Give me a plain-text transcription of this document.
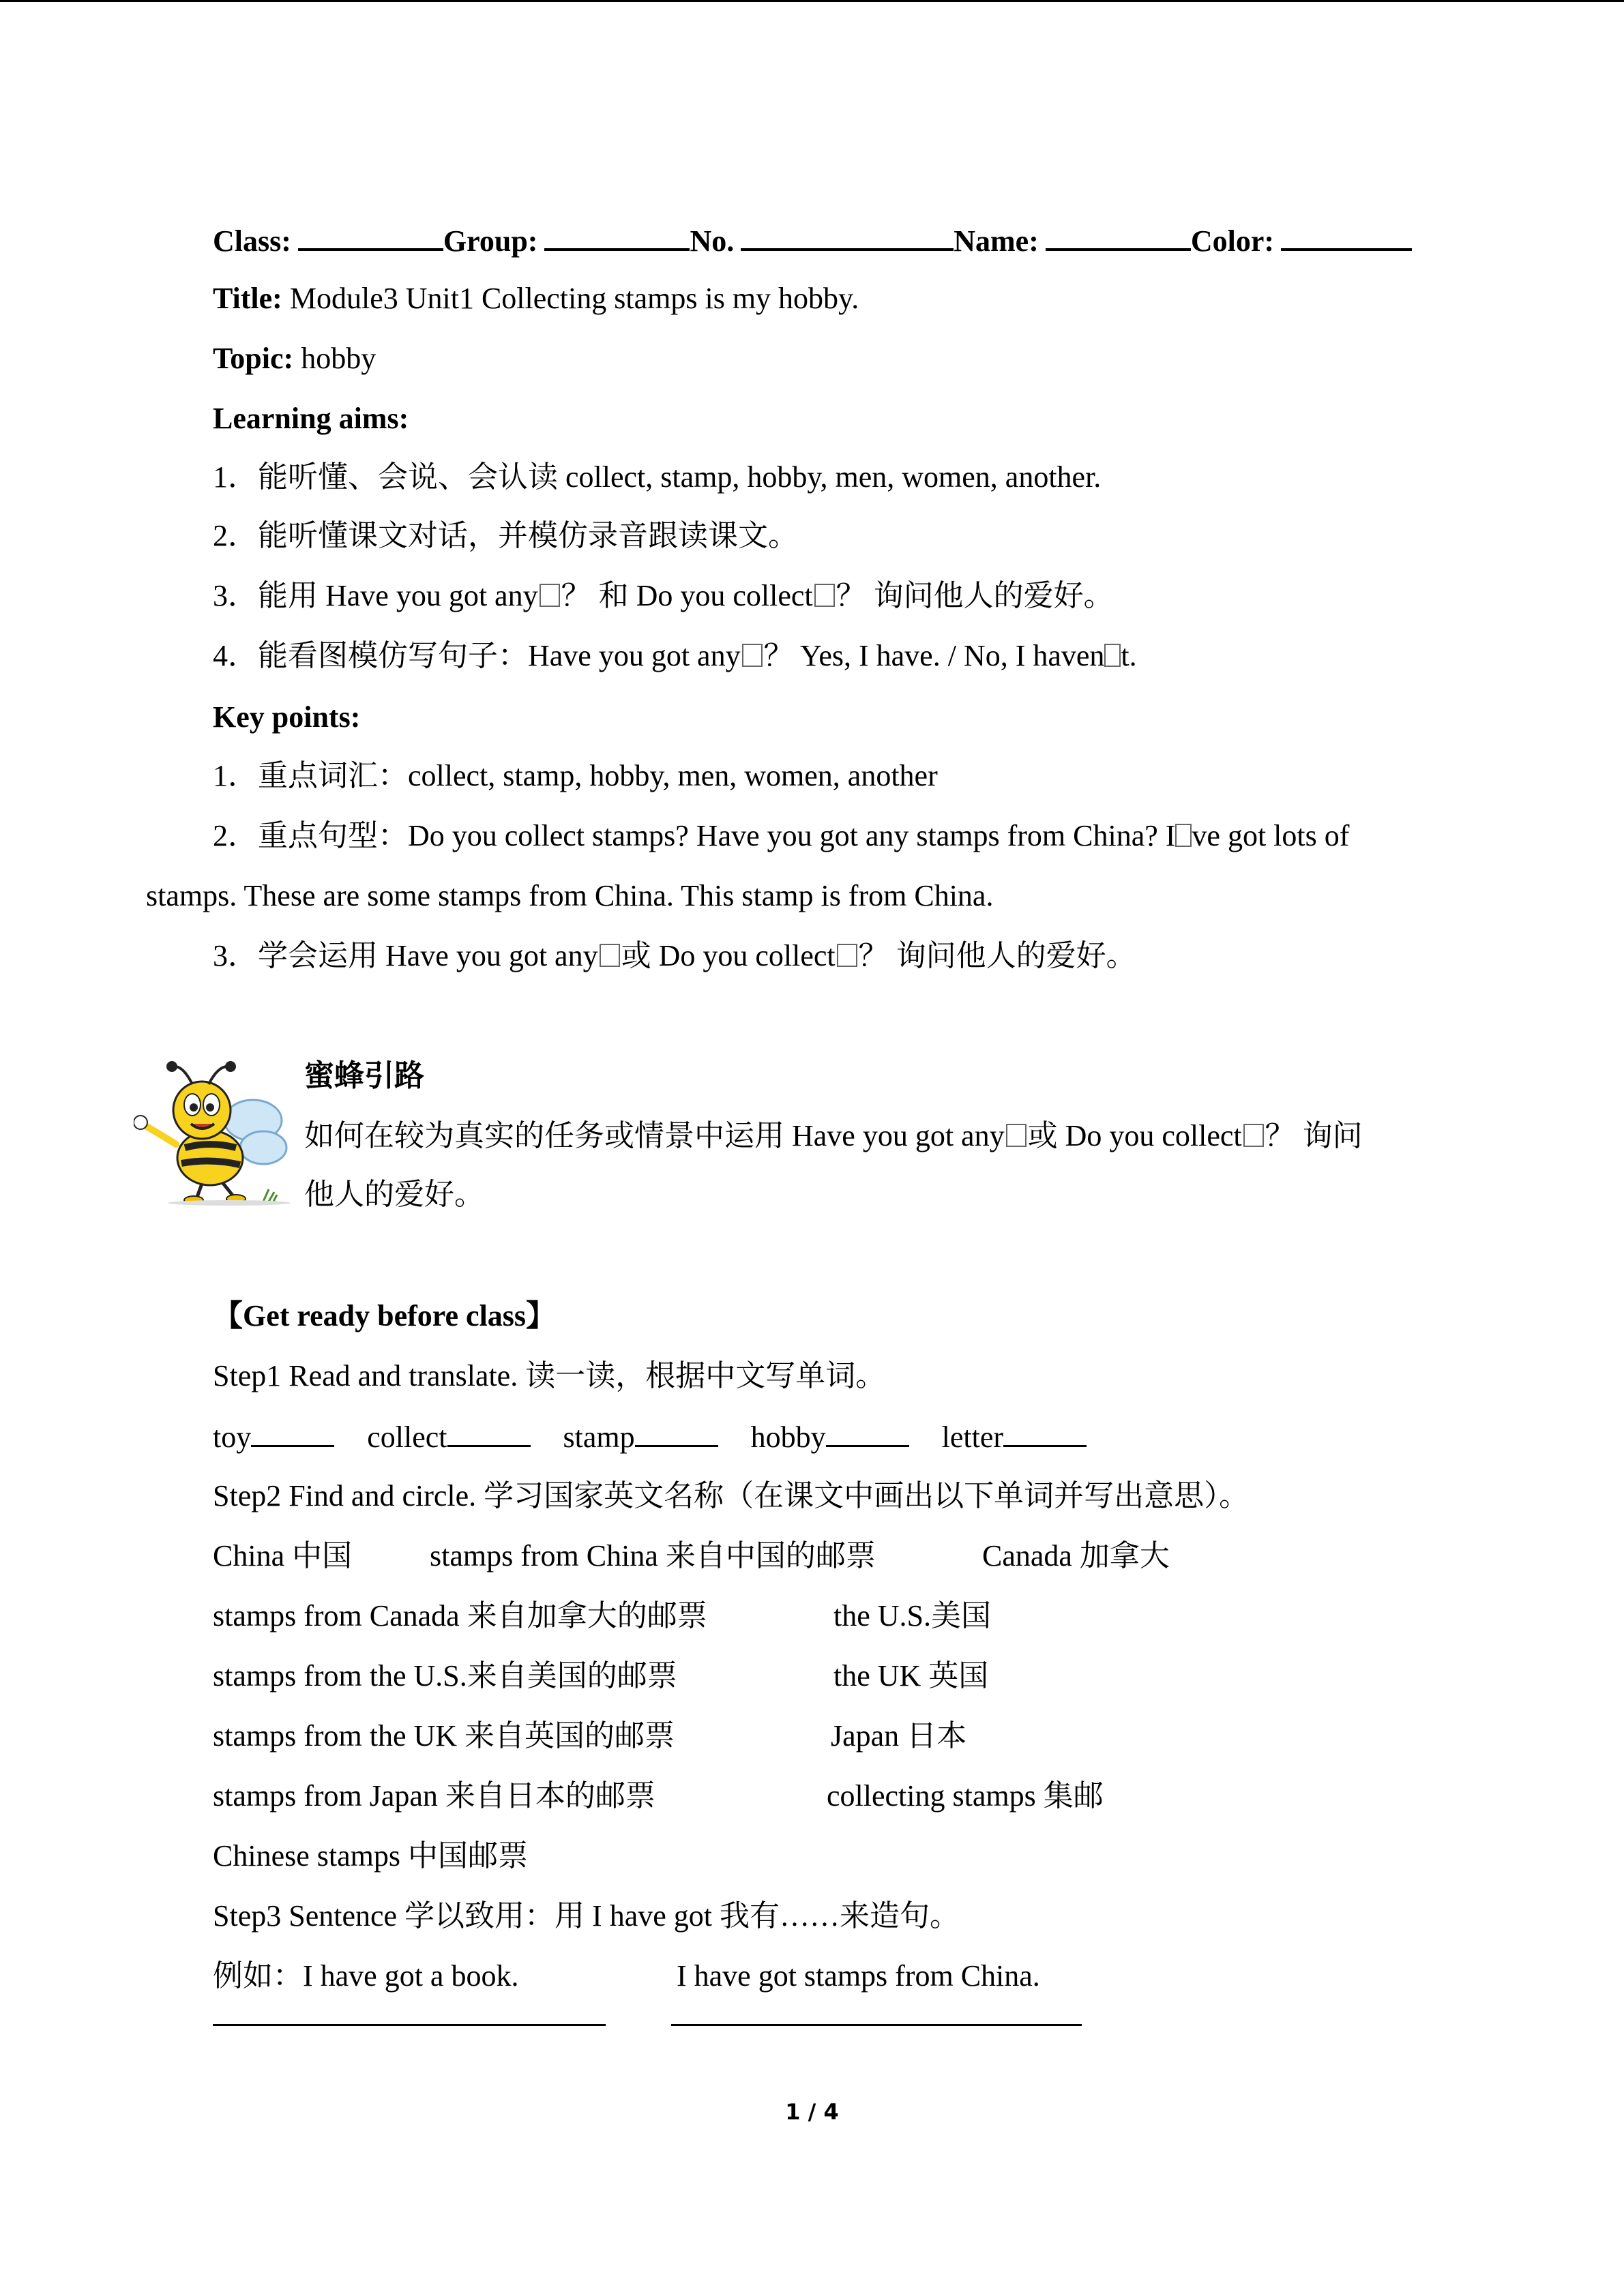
Class:	Group:	No.	Name:	Color:
Title: Module3 Unit1 Collecting stamps is my hobby.
Topic: hobby
Learning aims:
1．能听懂、会说、会认读 collect, stamp, hobby, men, women, another.
2．能听懂课文对话，并模仿录音跟读课文。
3．能用 Have you got any ？ 和 Do you collect ？ 询问他人的爱好。
4．能看图模仿写句子：Have you got any ？ Yes, I have. / No, I haven t.
Key points:
1．重点词汇：collect, stamp, hobby, men, women, another
2．重点句型：Do you collect stamps? Have you got any stamps from China? I ve got lots of
stamps. These are some stamps from China. This stamp is from China.
3．学会运用 Have you got any 或 Do you collect ？ 询问他人的爱好。
蜜蜂引路
如何在较为真实的任务或情景中运用 Have you got any 或 Do you collect ？ 询问
他人的爱好。
【Get ready before class】
Step1 Read and translate. 读一读，根据中文写单词。
toy	collect	stamp	hobby	letter
Step2 Find and circle. 学习国家英文名称（在课文中画出以下单词并写出意思）。
China 中国	stamps from China 来自中国的邮票	Canada 加拿大
stamps from Canada 来自加拿大的邮票	the U.S.美国
stamps from the U.S.来自美国的邮票	the UK 英国
stamps from the UK 来自英国的邮票	Japan 日本
stamps from Japan 来自日本的邮票	collecting stamps 集邮
Chinese stamps 中国邮票
Step3 Sentence 学以致用：用 I have got 我有……来造句。
例如：I have got a book.	I have got stamps from China.
1 / 4
